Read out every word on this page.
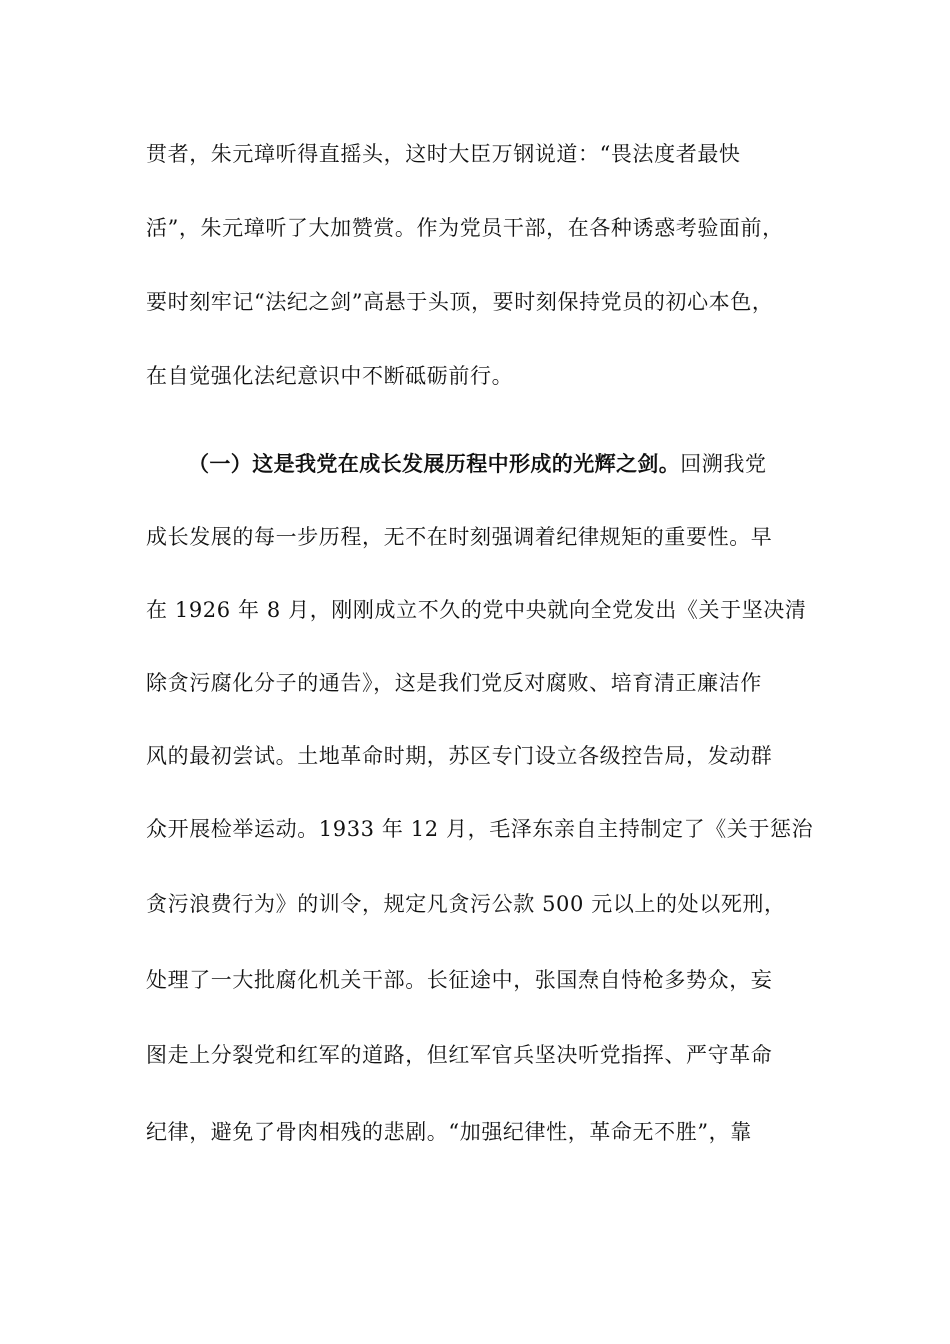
贯者，朱元璋听得直摇头，这时大臣万钢说道：“畏法度者最快
活”，朱元璋听了大加赞赏。作为党员干部，在各种诱惑考验面前，
要时刻牢记“法纪之剑”高悬于头顶，要时刻保持党员的初心本色，
在自觉强化法纪意识中不断砥砺前行。
（一）这是我党在成长发展历程中形成的光辉之剑。回溯我党
成长发展的每一步历程，无不在时刻强调着纪律规矩的重要性。早
在 1926 年 8 月，刚刚成立不久的党中央就向全党发出《关于坚决清
除贪污腐化分子的通告》，这是我们党反对腐败、培育清正廉洁作
风的最初尝试。土地革命时期，苏区专门设立各级控告局，发动群
众开展检举运动。1933 年 12 月，毛泽东亲自主持制定了《关于惩治
贪污浪费行为》的训令，规定凡贪污公款 500 元以上的处以死刑，
处理了一大批腐化机关干部。长征途中，张国焘自恃枪多势众，妄
图走上分裂党和红军的道路，但红军官兵坚决听党指挥、严守革命
纪律，避免了骨肉相残的悲剧。“加强纪律性，革命无不胜”，靠
